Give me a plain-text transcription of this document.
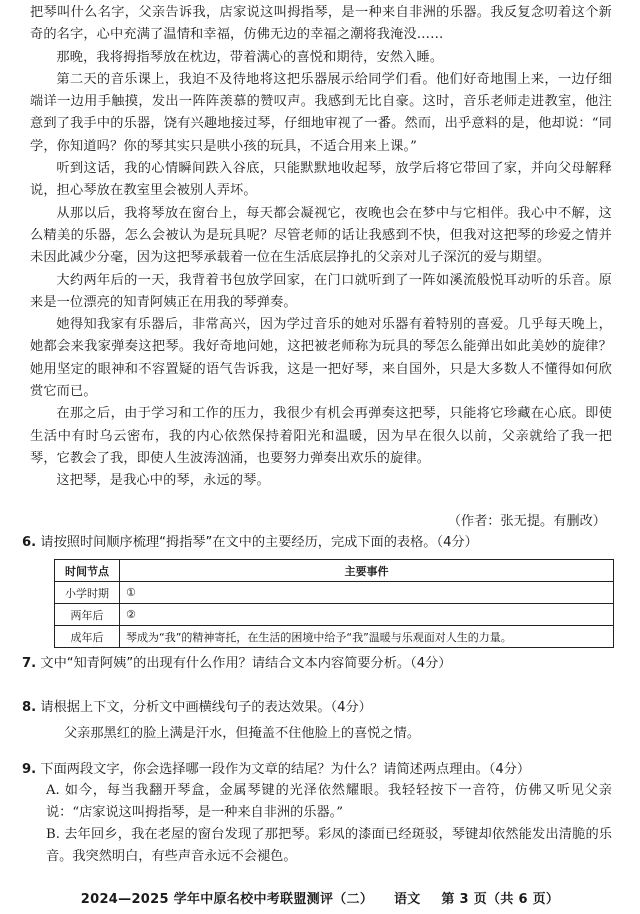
把琴叫什么名字，父亲告诉我，店家说这叫拇指琴，是一种来自非洲的乐器。我反复念叨着这个新奇的名字，心中充满了温情和幸福，仿佛无边的幸福之潮将我淹没……

那晚，我将拇指琴放在枕边，带着满心的喜悦和期待，安然入睡。

第二天的音乐课上，我迫不及待地将这把乐器展示给同学们看。他们好奇地围上来，一边仔细端详一边用手触摸，发出一阵阵羡慕的赞叹声。我感到无比自豪。这时，音乐老师走进教室，他注意到了我手中的乐器，饶有兴趣地接过琴，仔细地审视了一番。然而，出乎意料的是，他却说：“同学，你知道吗？你的琴其实只是哄小孩的玩具，不适合用来上课。”

听到这话，我的心情瞬间跌入谷底，只能默默地收起琴，放学后将它带回了家，并向父母解释说，担心琴放在教室里会被别人弄坏。

从那以后，我将琴放在窗台上，每天都会凝视它，夜晚也会在梦中与它相伴。我心中不解，这么精美的乐器，怎么会被认为是玩具呢？尽管老师的话让我感到不快，但我对这把琴的珍爱之情并未因此减少分毫，因为这把琴承载着一位在生活底层挣扎的父亲对儿子深沉的爱与期望。

大约两年后的一天，我背着书包放学回家，在门口就听到了一阵如溪流般悦耳动听的乐音。原来是一位漂亮的知青阿姨正在用我的琴弹奏。

她得知我家有乐器后，非常高兴，因为学过音乐的她对乐器有着特别的喜爱。几乎每天晚上，她都会来我家弹奏这把琴。我好奇地问她，这把被老师称为玩具的琴怎么能弹出如此美妙的旋律？她用坚定的眼神和不容置疑的语气告诉我，这是一把好琴，来自国外，只是大多数人不懂得如何欣赏它而已。

在那之后，由于学习和工作的压力，我很少有机会再弹奏这把琴，只能将它珍藏在心底。即使生活中有时乌云密布，我的内心依然保持着阳光和温暖，因为早在很久以前，父亲就给了我一把琴，它教会了我，即使人生波涛汹涌，也要努力弹奏出欢乐的旋律。

这把琴，是我心中的琴，永远的琴。

（作者：张无提。有删改）
6. 请按照时间顺序梳理“拇指琴”在文中的主要经历，完成下面的表格。（4分）
时间节点	主要事件
小学时期	①
两年后	②
成年后	琴成为“我”的精神寄托，在生活的困境中给予“我”温暖与乐观面对人生的力量。
7. 文中“知青阿姨”的出现有什么作用？请结合文本内容简要分析。（4分）
8. 请根据上下文，分析文中画横线句子的表达效果。（4分）
父亲那黑红的脸上满是汗水，但掩盖不住他脸上的喜悦之情。
9. 下面两段文字，你会选择哪一段作为文章的结尾？为什么？请简述两点理由。（4分）

A. 如今，每当我翻开琴盒，金属琴键的光泽依然耀眼。我轻轻按下一音符，仿佛又听见父亲说：“店家说这叫拇指琴，是一种来自非洲的乐器。”

B. 去年回乡，我在老屋的窗台发现了那把琴。彩凤的漆面已经斑驳，琴键却依然能发出清脆的乐音。我突然明白，有些声音永远不会褪色。

2024—2025 学年中原名校中考联盟测评（二） 语文 第 3 页（共 6 页）
